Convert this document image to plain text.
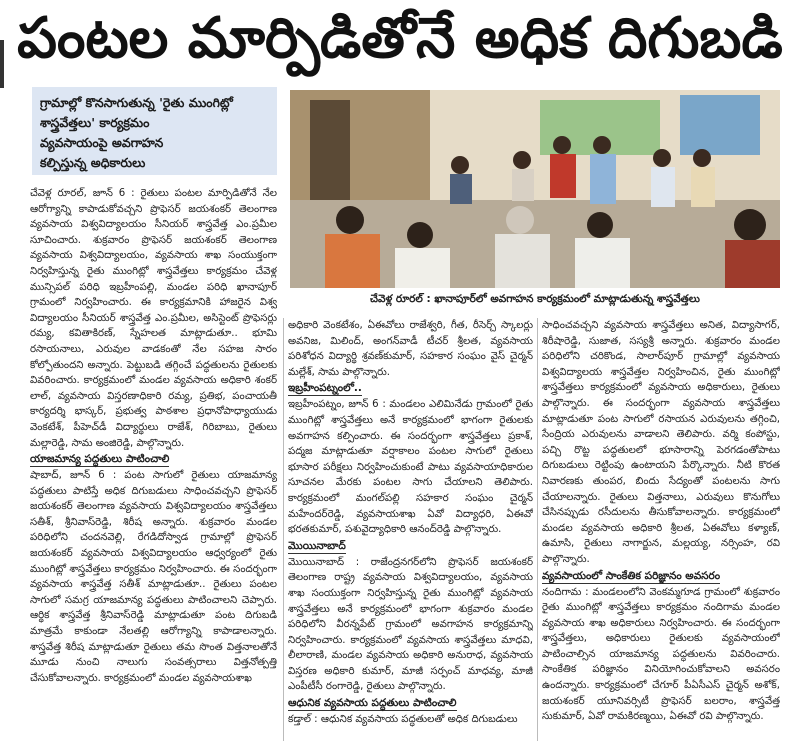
పంటల మార్పిడితోనే అధిక దిగుబడి
గ్రామాల్లో కొనసాగుతున్న 'రైతు ముంగిట్లో
శాస్త్రవేత్తలు' కార్యక్రమం
వ్యవసాయంపై అవగాహన
కల్పిస్తున్న అధికారులు
చేవెళ్ల రూరల్‌ : ఖానాపూర్‌లో అవగాహన కార్యక్రమంలో మాట్లాడుతున్న శాస్త్రవేత్తలు

చేవెళ్ల రూరల్‌, జూన్‌ 6 : రైతులు పంటల మార్పిడితోనే నేల ఆరోగ్యాన్ని కాపాడుకోవచ్చని ప్రొఫెసర్‌ జయశంకర్‌ తెలంగాణ వ్యవసాయ విశ్వవిద్యాలయం సీనియర్‌ శాస్త్రవేత్త ఎం.ప్రమీల సూచించారు. శుక్రవారం ప్రొఫెసర్‌ జయశంకర్‌ తెలంగాణ వ్యవసాయ విశ్వవిద్యాలయం, వ్యవసాయ శాఖ సంయుక్తంగా నిర్వహిస్తున్న రైతు ముంగిట్లో శాస్త్రవేత్తలు కార్యక్రమం చేవెళ్ల మున్సిపల్‌ పరిధి ఇబ్రహీంపల్లి, మండల పరిధి ఖానాపూర్‌ గ్రామంలో నిర్వహించారు. ఈ కార్యక్రమానికి హాజరైన విశ్వ విద్యాలయం సీనియర్‌ శాస్త్రవేత్త ఎం.ప్రమీల, అసిస్టెంట్‌ ప్రొఫెసర్లు రమ్య, కవితాకిరణ్‌, స్నేహలత మాట్లాడుతూ.. భూమి రసాయనాలు, ఎరువుల వాడకంతో నేల సహజ సారం కోల్పోతుందని అన్నారు. పెట్టుబడి తగ్గించే పద్ధతులను రైతులకు వివరించారు. కార్యక్రమంలో మండల వ్యవసాయ అధికారి శంకర్‌ లాల్‌, వ్యవసాయ విస్తరణాధికారి రమ్య, ప్రతిభ, పంచాయతీ కార్యదర్శి భాస్కర్‌, ప్రభుత్వ పాఠశాల ప్రధానోపాధ్యాయుడు వెంకటేశ్‌, పీహెచ్‌డీ విద్యార్థులు రాజేశ్‌, గిరిబాబు, రైతులు మల్లారెడ్డి, సామ అంజిరెడ్డి, పాల్గొన్నారు.

యాజమాన్య పద్ధతులు పాటించాలి

షాబాద్‌, జూన్‌ 6 : పంట సాగులో రైతులు యాజమాన్య పద్ధతులు పాటిస్తే అధిక దిగుబడులు సాధించవచ్చని ప్రొఫెసర్‌ జయశంకర్‌ తెలంగాణ వ్యవసాయ విశ్వవిద్యాలయం శాస్త్రవేత్తలు సతీశ్‌, శ్రీనివాస్‌రెడ్డి, శిరీష అన్నారు. శుక్రవారం మండల పరిధిలోని చందనవెల్లి, రేగడిదోస్వాడ గ్రామాల్లో ప్రొఫెసర్‌ జయశంకర్‌ వ్యవసాయ విశ్వవిద్యాలయం ఆధ్వర్యంలో రైతు ముంగిట్లో శాస్త్రవేత్తలు కార్యక్రమం నిర్వహించారు. ఈ సందర్భంగా వ్యవసాయ శాస్త్రవేత్త సతీశ్‌ మాట్లాడుతూ.. రైతులు పంటల సాగులో సమగ్ర యాజమాన్య పద్ధతులు పాటించాలని చెప్పారు. ఆర్థిక శాస్త్రవేత్త శ్రీనివాస్‌రెడ్డి మాట్లాడుతూ పంట దిగుబడి మాత్రమే కాకుండా నేలతల్లి ఆరోగ్యాన్ని కాపాడాలన్నారు. శాస్త్రవేత్త శిరీష మాట్లాడుతూ రైతులు తమ సొంత విత్తనాలతోనే మూడు నుంచి నాలుగు సంవత్సరాలు విత్తనోత్పత్తి చేసుకోవాలన్నారు. కార్యక్రమంలో మండల వ్యవసాయశాఖ

అధికారి వెంకటేశం, ఏఈవోలు రాజేశ్వరి, గీత, రీసెర్చ్‌ స్కాలర్లు అవనిజ, మిలింద్‌, అంగన్‌వాడీ టీచర్‌ శ్రీలత, వ్యవసాయ పరిశోధన విద్యార్థి శ్రవణ్‌కుమార్‌, సహకార సంఘం వైస్‌ చైర్మన్‌ మల్లేశ్‌, సామ పాల్గొన్నారు.

ఇబ్రహీంపట్నంలో..

ఇబ్రహీంపట్నం, జూన్‌ 6 : మండలం ఎలిమినేడు గ్రామంలో రైతు ముంగిట్లో శాస్త్రవేత్తలు అనే కార్యక్రమంలో భాగంగా రైతులకు అవగాహన కల్పించారు. ఈ సందర్భంగా శాస్త్రవేత్తలు ప్రకాశ్‌, పద్మజ మాట్లాడుతూ వర్షాకాలం పంటల సాగులో రైతులు భూసార పరీక్షలు నిర్వహించుకుంటే పాటు వ్యవసాయాధికారుల సూచనల మేరకు పంటల సాగు చేయాలని తెలిపారు. కార్యక్రమంలో మంగల్‌పల్లి సహకార సంఘం చైర్మన్‌ మహేందర్‌రెడ్డి, వ్యవసాయశాఖ ఏవో విద్యాధరి, ఏఈవో భరతకుమార్‌, పశువైద్యాధికారి ఆనంద్‌రెడ్డి పాల్గొన్నారు.

మొయినాబాద్‌

మొయినాబాద్‌ : రాజేంద్రనగర్‌లోని ప్రొఫెసర్‌ జయశంకర్‌ తెలంగాణ రాష్ట్ర వ్యవసాయ విశ్వవిద్యాలయం, వ్యవసాయ శాఖ సంయుక్తంగా నిర్వహిస్తున్న రైతు ముంగిట్లో వ్యవసాయ శాస్త్రవేత్తలు అనే కార్యక్రమంలో భాగంగా శుక్రవారం మండల పరిధిలోని వీరన్నపేట్‌ గ్రామంలో అవగాహన కార్యక్రమాన్ని నిర్వహించారు. కార్యక్రమంలో వ్యవసాయ శాస్త్రవేత్తలు మాధవి, లీలారాణి, మండల వ్యవసాయ అధికారి అనురాధ, వ్యవసాయ విస్తరణ అధికారి కుమార్‌, మాజీ సర్పంచ్‌ మాధవ్య, మాజీ ఎంపీటీసీ రంగారెడ్డి, రైతులు పాల్గొన్నారు.

ఆధునిక వ్యవసాయ పద్ధతులు పాటించాలి

కడ్తాల్‌ : ఆధునిక వ్యవసాయ పద్ధతులతో అధిక దిగుబడులు

సాధించవచ్చని వ్యవసాయ శాస్త్రవేత్తలు అనిత, విద్యాసాగర్‌, శిరీషారెడ్డి, సుజాత, సస్యశ్రీ అన్నారు. శుక్రవారం మండల పరిధిలోని చరికొండ, సాలార్‌పూర్‌ గ్రామాల్లో వ్యవసాయ విశ్వవిద్యాలయ శాస్త్రవేత్తల నిర్వహించిన, రైతు ముంగిట్లో శాస్త్రవేత్తలు కార్యక్రమంలో వ్యవసాయ అధికారులు, రైతులు పాల్గొన్నారు. ఈ సందర్భంగా వ్యవసాయ శాస్త్రవేత్తలు మాట్లాడుతూ పంట సాగులో రసాయన ఎరువులను తగ్గించి, సేంద్రియ ఎరువులను వాడాలని తెలిపారు. వర్మి కంపోస్టు, పచ్చి రొట్ట పద్ధతులలో భూసారాన్ని పెరగడంతోపాటు దిగుబడులు రెట్టింపు ఉంటాయని పేర్కొన్నారు. నీటి కొరత నివారణకు తుంపర, బిందు సేద్యంతో పంటలను సాగు చేయాలన్నారు. రైతులు విత్తనాలు, ఎరువులు కొనుగోలు చేసినప్పుడు రసీదులను తీసుకోవాలన్నారు. కార్యక్రమంలో మండల వ్యవసాయ అధికారి శ్రీలత, ఏఈవోలు కళ్యాణ్‌, ఉమాసి, రైతులు నాగార్జున, మల్లయ్య, నర్సింహ, రవి పాల్గొన్నారు.

వ్యవసాయంలో సాంకేతిక పరిజ్ఞానం అవసరం

నందిగామ : మండలంలోని వెంకమ్మగూడ గ్రామంలో శుక్రవారం రైతు ముంగిట్లో శాస్త్రవేత్తలు కార్యక్రమం నందిగామ మండల వ్యవసాయ శాఖ అధికారులు నిర్వహించారు. ఈ సందర్భంగా శాస్త్రవేత్తలు, అధికారులు రైతులకు వ్యవసాయంలో పాటించాల్సిన యాజమాన్య పద్ధతులను వివరించారు. సాంకేతిక పరిజ్ఞానం వినియోగించుకోవాలని అవసరం ఉందన్నారు. కార్యక్రమంలో చేగూర్‌ పీఏసీఎస్‌ చైర్మన్‌ అశోక్‌, జయశంకర్‌ యూనివర్సిటీ ప్రొఫెసర్‌ బలరాం, శాస్త్రవేత్త సుకుమార్‌, ఏవో రామకిరణ్మయి, ఏఈవో రవి పాల్గొన్నారు.
